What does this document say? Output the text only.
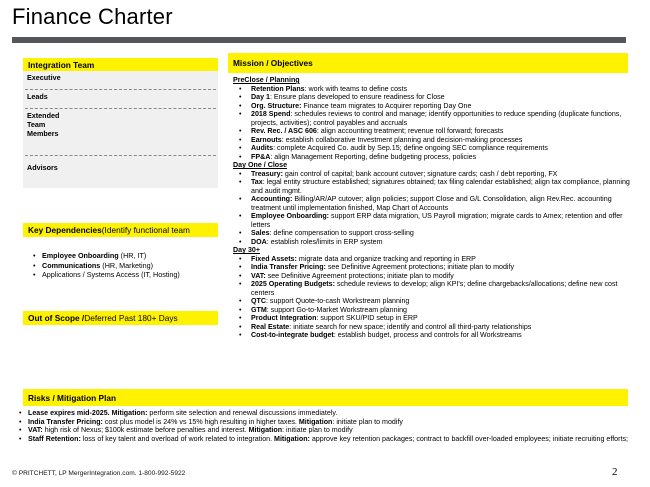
Finance Charter
Integration Team
Executive
Leads
Extended
Team
Members
Advisors
Key Dependencies (Identify functional team
• Employee Onboarding (HR, IT)
• Communications (HR, Marketing)
• Applications / Systems Access (IT, Hosting)
Out of Scope / Deferred Past 180+ Days
Mission / Objectives
PreClose / Planning
• Retention Plans: work with teams to define costs
• Day 1: Ensure plans developed to ensure readiness for Close
• Org. Structure: Finance team migrates to Acquirer reporting Day One
• 2018 Spend: schedules reviews to control and manage; identify opportunities to reduce spending (duplicate functions, projects, activities); control payables and accruals
• Rev. Rec. / ASC 606: align accounting treatment; revenue roll forward; forecasts
• Earnouts: establish collaborative Investment planning and decision-making processes
• Audits: complete Acquired Co. audit by Sep.15; define ongoing SEC compliance requirements
• FP&A: align Management Reporting, define budgeting process, policies
Day One / Close
• Treasury: gain control of capital; bank account cutover; signature cards; cash / debt reporting, FX
• Tax: legal entity structure established; signatures obtained; tax filing calendar established; align tax compliance, planning and audit mgmt.
• Accounting: Billing/AR/AP cutover; align policies; support Close and G/L Consolidation, align Rev.Rec. accounting treatment until implementation finished, Map Chart of Accounts
• Employee Onboarding: support ERP data migration, US Payroll migration; migrate cards to Amex; retention and offer letters
• Sales: define compensation to support cross-selling
• DOA: establish roles/limits in ERP system
Day 30+
• Fixed Assets: migrate data and organize tracking and reporting in ERP
• India Transfer Pricing: see Definitive Agreement protections; initiate plan to modify
• VAT: see Definitive Agreement protections; initiate plan to modify
• 2025 Operating Budgets: schedule reviews to develop; align KPI's; define chargebacks/allocations; define new cost centers
• QTC: support Quote-to-cash Workstream planning
• GTM: support Go-to-Market Workstream planning
• Product Integration: support SKU/PID setup in ERP
• Real Estate: initiate search for new space; identify and control all third-party relationships
• Cost-to-integrate budget: establish budget, process and controls for all Workstreams
Risks / Mitigation Plan
• Lease expires mid-2025. Mitigation: perform site selection and renewal discussions immediately.
• India Transfer Pricing: cost plus model is 24% vs 15% high resulting in higher taxes. Mitigation: initiate plan to modify
• VAT: high risk of Nexus; $100k estimate before penalties and interest. Mitigation: initiate plan to modify
• Staff Retention: loss of key talent and overload of work related to integration. Mitigation: approve key retention packages; contract to backfill over-loaded employees; initiate recruiting efforts;
© PRITCHETT, LP MergerIntegration.com. 1-800-992-5922	2
